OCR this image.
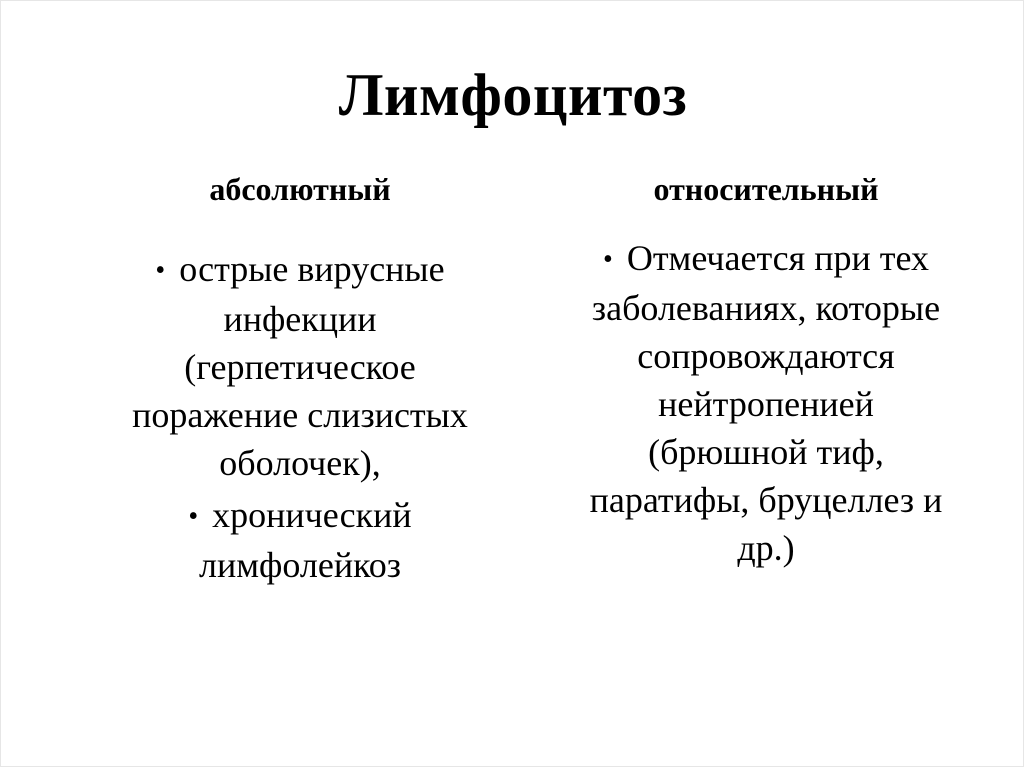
Лимфоцитоз
абсолютный
• острые вирусные
инфекции
(герпетическое
поражение слизистых
оболочек),
• хронический
лимфолейкоз
относительный
• Отмечается при тех
заболеваниях, которые
сопровождаются
нейтропенией
(брюшной тиф,
паратифы, бруцеллез и
др.)
